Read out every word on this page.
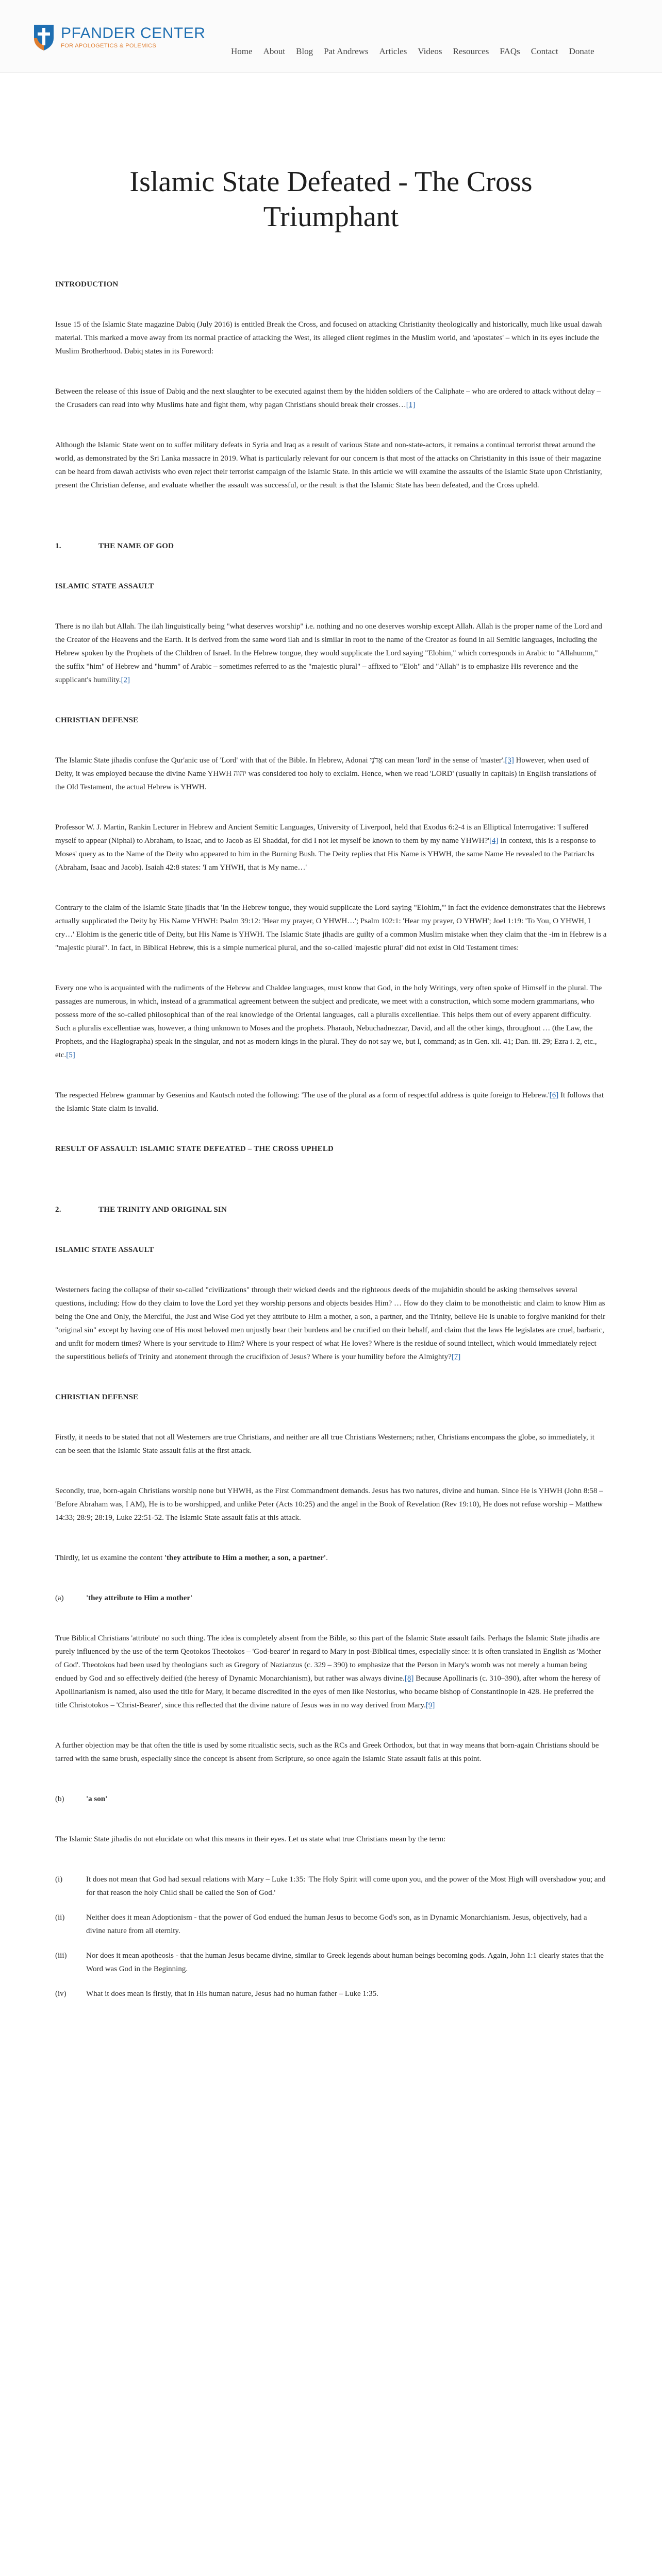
PFANDER CENTER
FOR APOLOGETICS & POLEMICS
Home About Blog Pat Andrews Articles Videos Resources FAQs Contact Donate
Islamic State Defeated - The Cross Triumphant
INTRODUCTION

Issue 15 of the Islamic State magazine Dabiq (July 2016) is entitled Break the Cross, and focused on attacking Christianity theologically and historically, much like usual dawah material. This marked a move away from its normal practice of attacking the West, its alleged client regimes in the Muslim world, and 'apostates' – which in its eyes include the Muslim Brotherhood. Dabiq states in its Foreword:

Between the release of this issue of Dabiq and the next slaughter to be executed against them by the hidden soldiers of the Caliphate – who are ordered to attack without delay – the Crusaders can read into why Muslims hate and fight them, why pagan Christians should break their crosses…[1]

Although the Islamic State went on to suffer military defeats in Syria and Iraq as a result of various State and non-state-actors, it remains a continual terrorist threat around the world, as demonstrated by the Sri Lanka massacre in 2019. What is particularly relevant for our concern is that most of the attacks on Christianity in this issue of their magazine can be heard from dawah activists who even reject their terrorist campaign of the Islamic State. In this article we will examine the assaults of the Islamic State upon Christianity, present the Christian defense, and evaluate whether the assault was successful, or the result is that the Islamic State has been defeated, and the Cross upheld.

1.	THE NAME OF GOD
ISLAMIC STATE ASSAULT

There is no ilah but Allah. The ilah linguistically being "what deserves worship" i.e. nothing and no one deserves worship except Allah. Allah is the proper name of the Lord and the Creator of the Heavens and the Earth. It is derived from the same word ilah and is similar in root to the name of the Creator as found in all Semitic languages, including the Hebrew spoken by the Prophets of the Children of Israel. In the Hebrew tongue, they would supplicate the Lord saying "Elohim," which corresponds in Arabic to "Allahumm," the suffix "him" of Hebrew and "humm" of Arabic – sometimes referred to as the "majestic plural" – affixed to "Eloh" and "Allah" is to emphasize His reverence and the supplicant's humility.[2]

CHRISTIAN DEFENSE

The Islamic State jihadis confuse the Qur'anic use of 'Lord' with that of the Bible. In Hebrew, Adonai אֲדֹנָי can mean 'lord' in the sense of 'master'.[3] However, when used of Deity, it was employed because the divine Name YHWH יהוה was considered too holy to exclaim. Hence, when we read 'LORD' (usually in capitals) in English translations of the Old Testament, the actual Hebrew is YHWH.

Professor W. J. Martin, Rankin Lecturer in Hebrew and Ancient Semitic Languages, University of Liverpool, held that Exodus 6:2-4 is an Elliptical Interrogative: 'I suffered myself to appear (Niphal) to Abraham, to Isaac, and to Jacob as El Shaddai, for did I not let myself be known to them by my name YHWH?'[4] In context, this is a response to Moses' query as to the Name of the Deity who appeared to him in the Burning Bush. The Deity replies that His Name is YHWH, the same Name He revealed to the Patriarchs (Abraham, Isaac and Jacob). Isaiah 42:8 states: 'I am YHWH, that is My name…'

Contrary to the claim of the Islamic State jihadis that 'In the Hebrew tongue, they would supplicate the Lord saying "Elohim,"' in fact the evidence demonstrates that the Hebrews actually supplicated the Deity by His Name YHWH: Psalm 39:12: 'Hear my prayer, O YHWH…'; Psalm 102:1: 'Hear my prayer, O YHWH'; Joel 1:19: 'To You, O YHWH, I cry…' Elohim is the generic title of Deity, but His Name is YHWH. The Islamic State jihadis are guilty of a common Muslim mistake when they claim that the -im in Hebrew is a "majestic plural". In fact, in Biblical Hebrew, this is a simple numerical plural, and the so-called 'majestic plural' did not exist in Old Testament times:

Every one who is acquainted with the rudiments of the Hebrew and Chaldee languages, must know that God, in the holy Writings, very often spoke of Himself in the plural. The passages are numerous, in which, instead of a grammatical agreement between the subject and predicate, we meet with a construction, which some modern grammarians, who possess more of the so-called philosophical than of the real knowledge of the Oriental languages, call a pluralis excellentiae. This helps them out of every apparent difficulty. Such a pluralis excellentiae was, however, a thing unknown to Moses and the prophets. Pharaoh, Nebuchadnezzar, David, and all the other kings, throughout … (the Law, the Prophets, and the Hagiographa) speak in the singular, and not as modern kings in the plural. They do not say we, but I, command; as in Gen. xli. 41; Dan. iii. 29; Ezra i. 2, etc., etc.[5]

The respected Hebrew grammar by Gesenius and Kautsch noted the following: 'The use of the plural as a form of respectful address is quite foreign to Hebrew.'[6] It follows that the Islamic State claim is invalid.

RESULT OF ASSAULT: ISLAMIC STATE DEFEATED – THE CROSS UPHELD
2.	THE TRINITY AND ORIGINAL SIN
ISLAMIC STATE ASSAULT

Westerners facing the collapse of their so-called "civilizations" through their wicked deeds and the righteous deeds of the mujahidin should be asking themselves several questions, including: How do they claim to love the Lord yet they worship persons and objects besides Him? … How do they claim to be monotheistic and claim to know Him as being the One and Only, the Merciful, the Just and Wise God yet they attribute to Him a mother, a son, a partner, and the Trinity, believe He is unable to forgive mankind for their "original sin" except by having one of His most beloved men unjustly bear their burdens and be crucified on their behalf, and claim that the laws He legislates are cruel, barbaric, and unfit for modern times? Where is your servitude to Him? Where is your respect of what He loves? Where is the residue of sound intellect, which would immediately reject the superstitious beliefs of Trinity and atonement through the crucifixion of Jesus? Where is your humility before the Almighty?[7]

CHRISTIAN DEFENSE

Firstly, it needs to be stated that not all Westerners are true Christians, and neither are all true Christians Westerners; rather, Christians encompass the globe, so immediately, it can be seen that the Islamic State assault fails at the first attack.

Secondly, true, born-again Christians worship none but YHWH, as the First Commandment demands. Jesus has two natures, divine and human. Since He is YHWH (John 8:58 – 'Before Abraham was, I AM), He is to be worshipped, and unlike Peter (Acts 10:25) and the angel in the Book of Revelation (Rev 19:10), He does not refuse worship – Matthew 14:33; 28:9; 28:19, Luke 22:51-52. The Islamic State assault fails at this attack.

Thirdly, let us examine the content 'they attribute to Him a mother, a son, a partner'.

(a)	'they attribute to Him a mother'

True Biblical Christians 'attribute' no such thing. The idea is completely absent from the Bible, so this part of the Islamic State assault fails. Perhaps the Islamic State jihadis are purely influenced by the use of the term Qeotokos Theotokos – 'God-bearer' in regard to Mary in post-Biblical times, especially since: it is often translated in English as 'Mother of God'. Theotokos had been used by theologians such as Gregory of Nazianzus (c. 329 – 390) to emphasize that the Person in Mary's womb was not merely a human being endued by God and so effectively deified (the heresy of Dynamic Monarchianism), but rather was always divine.[8] Because Apollinaris (c. 310–390), after whom the heresy of Apollinarianism is named, also used the title for Mary, it became discredited in the eyes of men like Nestorius, who became bishop of Constantinople in 428. He preferred the title Christotokos – 'Christ-Bearer', since this reflected that the divine nature of Jesus was in no way derived from Mary.[9]

A further objection may be that often the title is used by some ritualistic sects, such as the RCs and Greek Orthodox, but that in way means that born-again Christians should be tarred with the same brush, especially since the concept is absent from Scripture, so once again the Islamic State assault fails at this point.

(b)	'a son'

The Islamic State jihadis do not elucidate on what this means in their eyes. Let us state what true Christians mean by the term:

(i)	It does not mean that God had sexual relations with Mary – Luke 1:35: 'The Holy Spirit will come upon you, and the power of the Most High will overshadow you; and for that reason the holy Child shall be called the Son of God.'
(ii)	Neither does it mean Adoptionism - that the power of God endued the human Jesus to become God's son, as in Dynamic Monarchianism. Jesus, objectively, had a divine nature from all eternity.
(iii)	Nor does it mean apotheosis - that the human Jesus became divine, similar to Greek legends about human beings becoming gods. Again, John 1:1 clearly states that the Word was God in the Beginning.
(iv)	What it does mean is firstly, that in His human nature, Jesus had no human father – Luke 1:35.
